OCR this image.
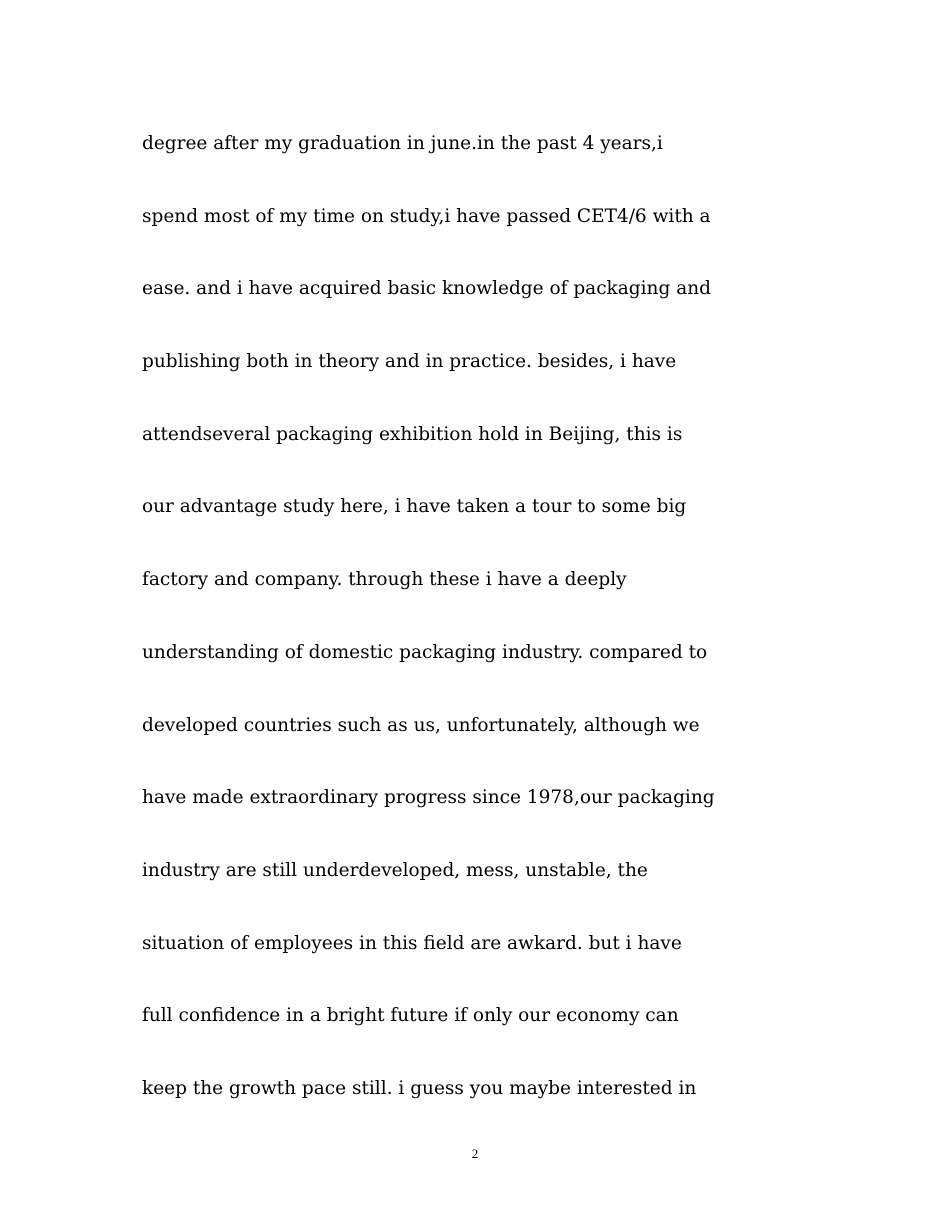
degree after my graduation in june.in the past 4 years,i
spend most of my time on study,i have passed CET4/6 with a
ease. and i have acquired basic knowledge of packaging and
publishing both in theory and in practice. besides, i have
attendseveral packaging exhibition hold in Beijing, this is
our advantage study here, i have taken a tour to some big
factory and company. through these i have a deeply
understanding of domestic packaging industry. compared to
developed countries such as us, unfortunately, although we
have made extraordinary progress since 1978,our packaging
industry are still underdeveloped, mess, unstable, the
situation of employees in this field are awkard. but i have
full confidence in a bright future if only our economy can
keep the growth pace still. i guess you maybe interested in
2
